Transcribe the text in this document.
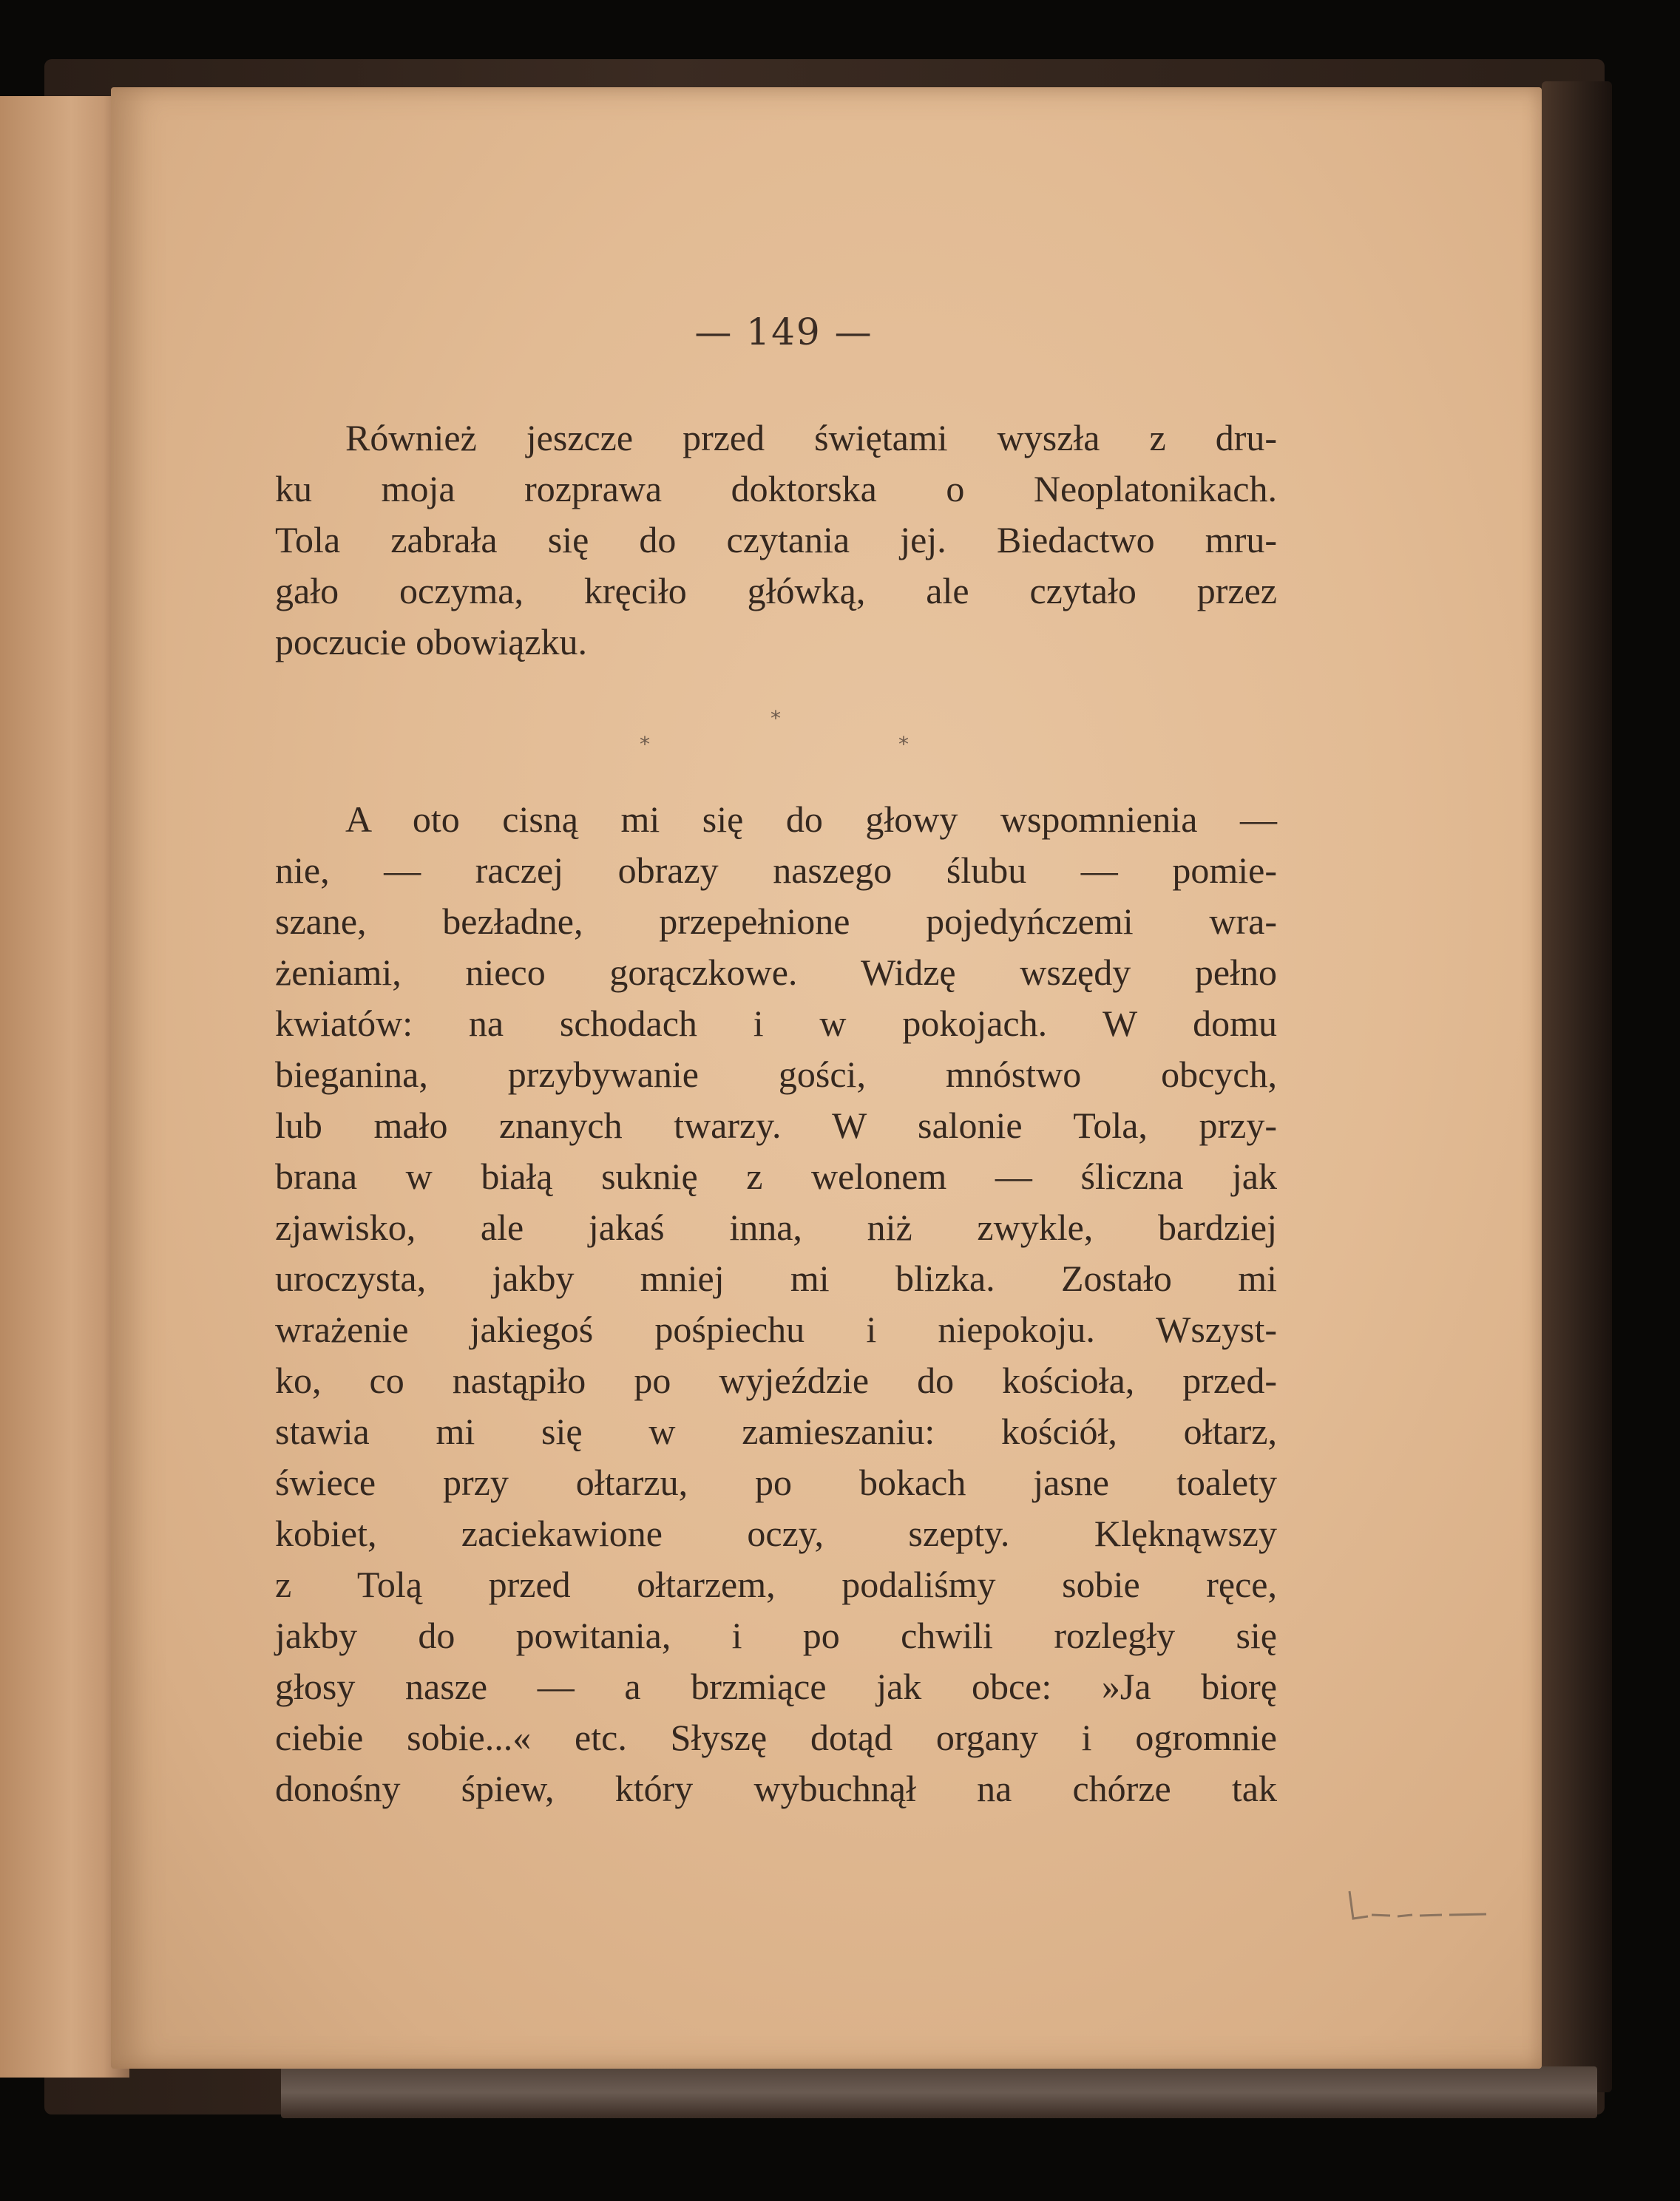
— 149 —
Również jeszcze przed świętami wyszła z dru-
ku moja rozprawa doktorska o Neoplatonikach.
Tola zabrała się do czytania jej. Biedactwo mru-
gało oczyma, kręciło główką, ale czytało przez
poczucie obowiązku.
*
*
*
A oto cisną mi się do głowy wspomnienia —
nie, — raczej obrazy naszego ślubu — pomie-
szane, bezładne, przepełnione pojedyńczemi wra-
żeniami, nieco gorączkowe. Widzę wszędy pełno
kwiatów: na schodach i w pokojach. W domu
bieganina, przybywanie gości, mnóstwo obcych,
lub mało znanych twarzy. W salonie Tola, przy-
brana w białą suknię z welonem — śliczna jak
zjawisko, ale jakaś inna, niż zwykle, bardziej
uroczysta, jakby mniej mi blizka. Zostało mi
wrażenie jakiegoś pośpiechu i niepokoju. Wszyst-
ko, co nastąpiło po wyjeździe do kościoła, przed-
stawia mi się w zamieszaniu: kościół, ołtarz,
świece przy ołtarzu, po bokach jasne toalety
kobiet, zaciekawione oczy, szepty. Klęknąwszy
z Tolą przed ołtarzem, podaliśmy sobie ręce,
jakby do powitania, i po chwili rozległy się
głosy nasze — a brzmiące jak obce: »Ja biorę
ciebie sobie...« etc. Słyszę dotąd organy i ogromnie
donośny śpiew, który wybuchnął na chórze tak
